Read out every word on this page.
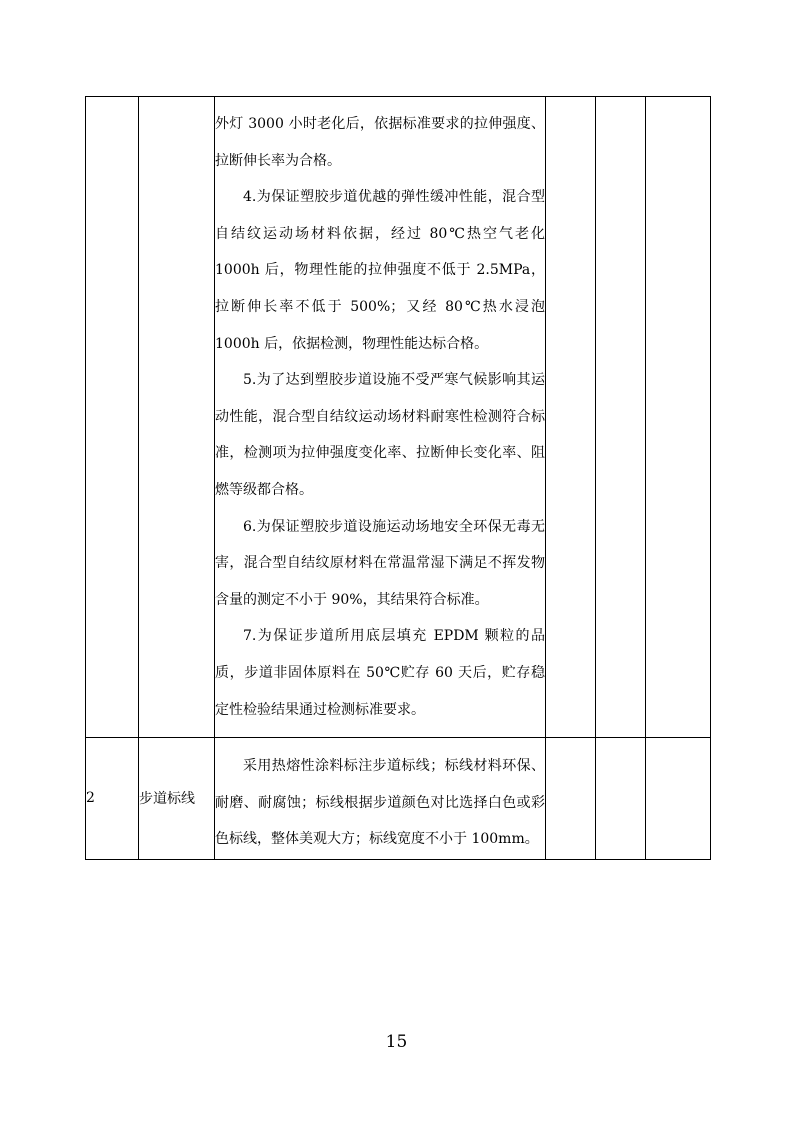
		外灯 3000 小时老化后，依据标准要求的拉伸强度、拉断伸长率为合格。

4.为保证塑胶步道优越的弹性缓冲性能，混合型自结纹运动场材料依据，经过 80℃热空气老化 1000h 后，物理性能的拉伸强度不低于 2.5MPa，拉断伸长率不低于 500%；又经 80℃热水浸泡 1000h 后，依据检测，物理性能达标合格。

5.为了达到塑胶步道设施不受严寒气候影响其运动性能，混合型自结纹运动场材料耐寒性检测符合标准，检测项为拉伸强度变化率、拉断伸长变化率、阻燃等级都合格。

6.为保证塑胶步道设施运动场地安全环保无毒无害，混合型自结纹原材料在常温常湿下满足不挥发物含量的测定不小于 90%，其结果符合标准。

7.为保证步道所用底层填充 EPDM 颗粒的品质，步道非固体原料在 50℃贮存 60 天后，贮存稳定性检验结果通过检测标准要求。			

2	步道标线	采用热熔性涂料标注步道标线；标线材料环保、耐磨、耐腐蚀；标线根据步道颜色对比选择白色或彩色标线，整体美观大方；标线宽度不小于 100mm。			

15
